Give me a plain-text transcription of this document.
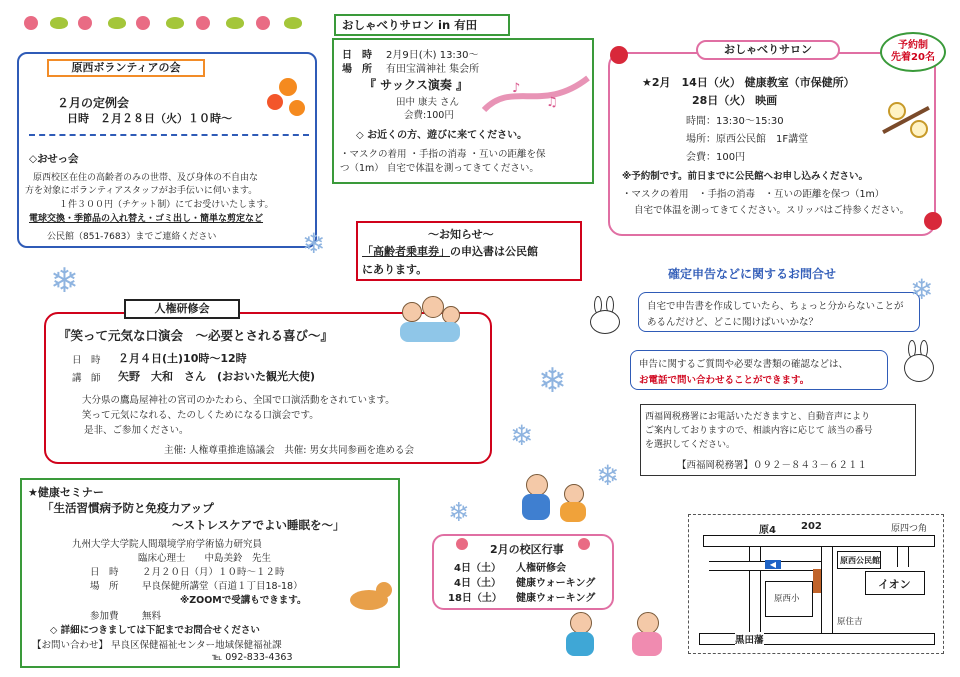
原西ボランティアの会
２月の定例会
日時　２月２８日（火）１０時～
◇おせっ会
原西校区在住の高齢者のみの世帯、及び身体の不自由な
方を対象にボランティアスタッフがお手伝いに伺います。
１件３００円（チケット制）にてお受けいたします。
電球交換・季節品の入れ替え・ゴミ出し・簡単な剪定など
公民館（851-7683）までご連絡ください
日　時 2月9日(木) 13:30～
場　所 有田宝満神社 集会所
『 サックス演奏 』
田中 康夫 さん
会費:100円
♪
♫
◇ お近くの方、遊びに来てください。
・マスクの着用 ・手指の消毒 ・互いの距離を保
つ（1m） 自宅で体温を測ってきてください。
おしゃべりサロン in 有田
～お知らせ～
「高齢者乗車券」の申込書は公民館
にあります。
★2月　14日（火） 健康教室（市保健所）
28日（火） 映画
時間：13:30～15:30
場所：原西公民館　1F講堂
会費：100円
※予約制です。前日までに公民館へお申し込みください。
・マスクの着用　・手指の消毒　・互いの距離を保つ（1m）
自宅で体温を測ってきてください。スリッパはご持参ください。
おしゃべりサロン	予約制
先着20名
確定申告などに関するお問合せ
自宅で申告書を作成していたら、ちょっと分からないことが
あるんだけど、どこに聞けばいいかな？
申告に関するご質問や必要な書類の確認などは、
お電話で問い合わせることができます。
西福岡税務署にお電話いただきますと、自動音声により
ご案内しておりますので、相談内容に応じて 該当の番号
を選択してください。
【西福岡税務署】０９２－８４３－６２１１
『笑って元気な口演会　～必要とされる喜び～』
日　時 ２月４日(土)10時～12時
講　師 矢野　大和　さん　(おおいた観光大使)
大分県の鷹島屋神社の宮司のかたわら、全国で口演活動をされています。
笑って元気になれる、たのしくためになる口演会です。
是非、ご参加ください。
主催: 人権尊重推進協議会　共催: 男女共同参画を進める会
人権研修会
★健康セミナー
「生活習慣病予防と免疫力アップ
～ストレスケアでよい睡眠を～」
九州大学大学院人間環境学府学術協力研究員
臨床心理士　　中島美鈴　先生
日　時 ２月２０日（月）１０時～１２時
場　所 早良保健所講堂（百道１丁目18-18）
※ZOOMで受講もできます。
参加費 無料
◇ 詳細につきましては下記までお問合せください
【お問い合わせ】 早良区保健福祉センター地域保健福祉課
℡ 092-833-4363
2月の校区行事
4日（土） 人権研修会
4日（土） 健康ウォーキング
18日（土） 健康ウォーキング
❄
❄
❄
❄
❄
❄
❄
原4	202	原四つ角
◀	原西公民館
イオン
原西小
原住吉
黒田藩
